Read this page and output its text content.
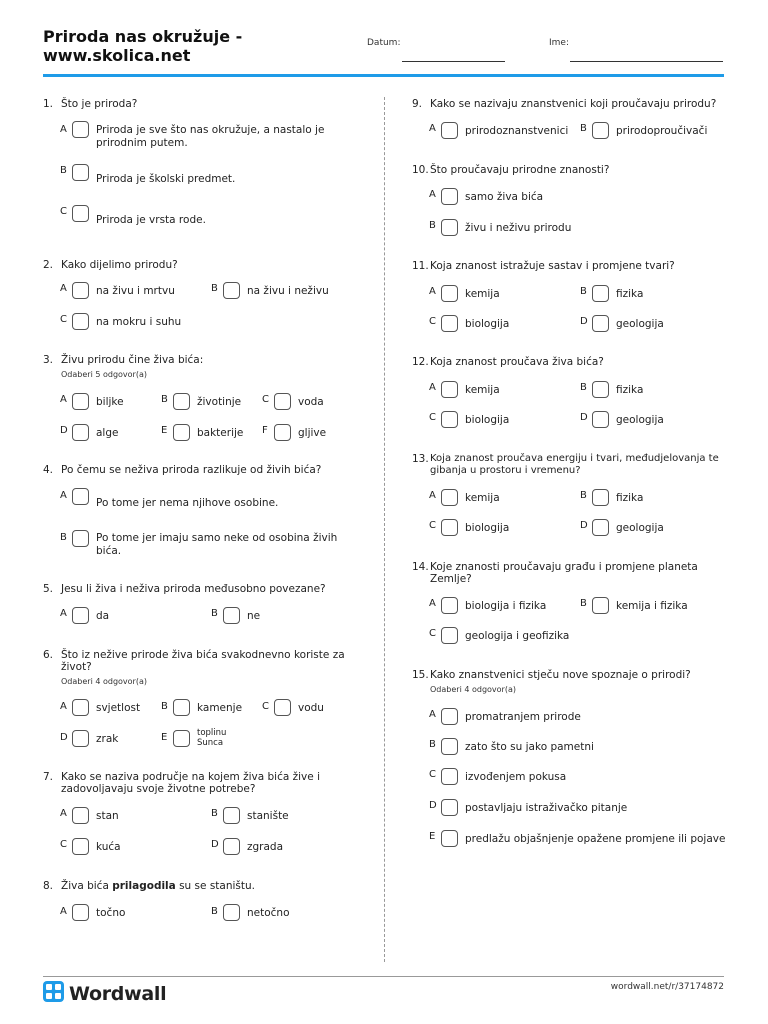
Priroda nas okružuje -
www.skolica.net
Datum:	Ime:
1. Što je priroda?
A	Priroda je sve što nas okružuje, a nastalo je prirodnim putem.
B
Priroda je školski predmet.
C
Priroda je vrsta rode.
2. Kako dijelimo prirodu?
A	na živu i mrtvu	B	na živu i neživu
C	na mokru i suhu
3. Živu prirodu čine živa bića:
Odaberi 5 odgovor(a)
A	biljke	B	životinje C	voda
D	alge	E	bakterije F	gljive
4. Po čemu se neživa priroda razlikuje od živih bića?
A
Po tome jer nema njihove osobine.
B	Po tome jer imaju samo neke od osobina živih bića.
5. Jesu li živa i neživa priroda međusobno povezane?
A	da	B	ne
6. Što iz nežive prirode živa bića svakodnevno koriste za život?
Odaberi 4 odgovor(a)
A	svjetlost B	kamenje C	vodu
D	zrak	E	toplinu Sunca
7. Kako se naziva područje na kojem živa bića žive i zadovoljavaju svoje životne potrebe?
A	stan	B	stanište
C	kuća	D	zgrada
8. Živa bića prilagodila su se staništu.
A	točno	B	netočno
9. Kako se nazivaju znanstvenici koji proučavaju prirodu?
A	prirodoznanstvenici B	prirodoproučivači
10. Što proučavaju prirodne znanosti?
A	samo živa bića
B	živu i neživu prirodu
11. Koja znanost istražuje sastav i promjene tvari?
A	kemija	B	fizika
C	biologija	D	geologija
12. Koja znanost proučava živa bića?
A	kemija	B	fizika
C	biologija	D	geologija
13. Koja znanost proučava energiju i tvari, međudjelovanja te gibanja u prostoru i vremenu?
A	kemija	B	fizika
C	biologija	D	geologija
14. Koje znanosti proučavaju građu i promjene planeta Zemlje?
A	biologija i fizika	B	kemija i fizika
C	geologija i geofizika
15. Kako znanstvenici stječu nove spoznaje o prirodi?
Odaberi 4 odgovor(a)
A	promatranjem prirode
B	zato što su jako pametni
C	izvođenjem pokusa
D	postavljaju istraživačko pitanje
E	predlažu objašnjenje opažene promjene ili pojave
Wordwall	wordwall.net/r/37174872
